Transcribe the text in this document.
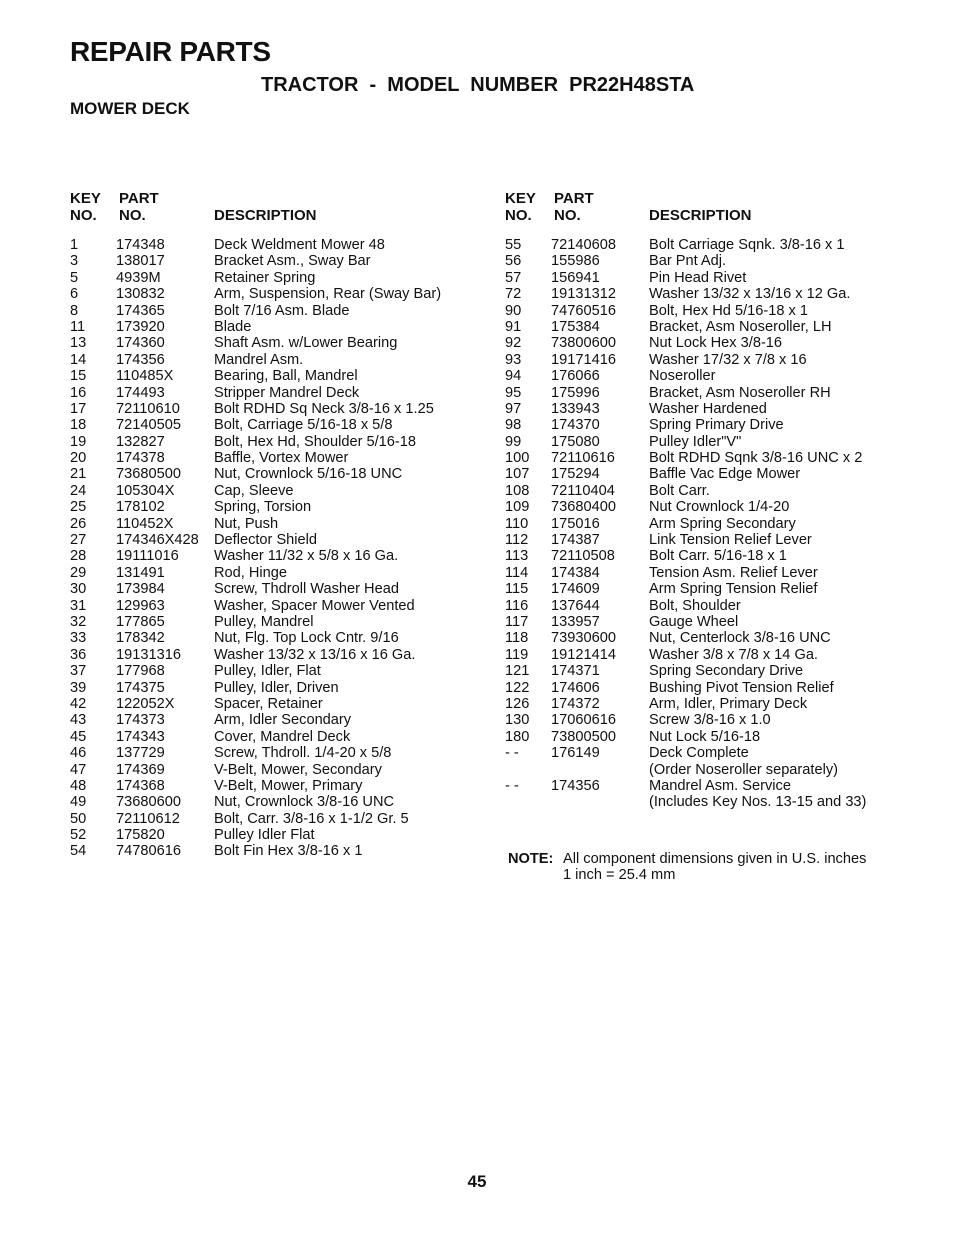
REPAIR PARTS
TRACTOR  -  MODEL  NUMBER  PR22H48STA
MOWER DECK
KEY
NO.
PART
NO.	DESCRIPTION
1	174348	Deck Weldment Mower 48
3	138017	Bracket Asm., Sway Bar
5	4939M	Retainer Spring
6	130832	Arm, Suspension, Rear (Sway Bar)
8	174365	Bolt 7/16 Asm. Blade
11 173920	Blade
13 174360	Shaft Asm. w/Lower Bearing
14 174356	Mandrel Asm.
15 110485X	Bearing, Ball, Mandrel
16 174493	Stripper Mandrel Deck
17 72110610 Bolt RDHD Sq Neck 3/8-16 x 1.25
18 72140505 Bolt, Carriage 5/16-18 x 5/8
19 132827	Bolt, Hex Hd, Shoulder 5/16-18
20 174378	Baffle, Vortex Mower
21 73680500 Nut, Crownlock 5/16-18 UNC
24 105304X	Cap, Sleeve
25 178102	Spring, Torsion
26 110452X	Nut, Push
27 174346X428 Deflector Shield
28 19111016 Washer 11/32 x 5/8 x 16 Ga.
29 131491	Rod, Hinge
30 173984	Screw, Thdroll Washer Head
31 129963	Washer, Spacer Mower Vented
32 177865	Pulley, Mandrel
33 178342	Nut, Flg. Top Lock Cntr. 9/16
36 19131316 Washer 13/32 x 13/16 x 16 Ga.
37 177968	Pulley, Idler, Flat
39 174375	Pulley, Idler, Driven
42 122052X	Spacer, Retainer
43 174373	Arm, Idler Secondary
45 174343	Cover, Mandrel Deck
46 137729	Screw, Thdroll. 1/4-20 x 5/8
47 174369	V-Belt, Mower, Secondary
48 174368	V-Belt, Mower, Primary
49 73680600 Nut, Crownlock 3/8-16 UNC
50 72110612 Bolt, Carr. 3/8-16 x 1-1/2 Gr. 5
52 175820	Pulley Idler Flat
54 74780616 Bolt Fin Hex 3/8-16 x 1
KEY
NO.
PART
NO.	DESCRIPTION
55 72140608 Bolt Carriage Sqnk. 3/8-16 x 1
56 155986	Bar Pnt Adj.
57 156941	Pin Head Rivet
72 19131312 Washer 13/32 x 13/16 x 12 Ga.
90 74760516 Bolt, Hex Hd 5/16-18 x 1
91 175384	Bracket, Asm Noseroller, LH
92 73800600 Nut Lock Hex 3/8-16
93 19171416 Washer 17/32 x 7/8 x 16
94 176066	Noseroller
95 175996	Bracket, Asm Noseroller RH
97 133943	Washer Hardened
98 174370	Spring Primary Drive
99 175080	Pulley Idler"V"
100 72110616 Bolt RDHD Sqnk 3/8-16 UNC x 2
107 175294	Baffle Vac Edge Mower
108 72110404 Bolt Carr.
109 73680400 Nut Crownlock 1/4-20
110 175016	Arm Spring Secondary
112 174387	Link Tension Relief Lever
113 72110508 Bolt Carr. 5/16-18 x 1
114 174384	Tension Asm. Relief Lever
115 174609	Arm Spring Tension Relief
116 137644	Bolt, Shoulder
117 133957	Gauge Wheel
118 73930600 Nut, Centerlock 3/8-16 UNC
119 19121414 Washer 3/8 x 7/8 x 14 Ga.
121 174371	Spring Secondary Drive
122 174606	Bushing Pivot Tension Relief
126 174372	Arm, Idler, Primary Deck
130 17060616 Screw 3/8-16 x 1.0
180 73800500 Nut Lock 5/16-18
- - 176149	Deck Complete
(Order Noseroller separately)
- - 174356	Mandrel Asm. Service
(Includes Key Nos. 13-15 and 33)
NOTE: All component dimensions given in U.S. inches
1 inch = 25.4 mm
45
